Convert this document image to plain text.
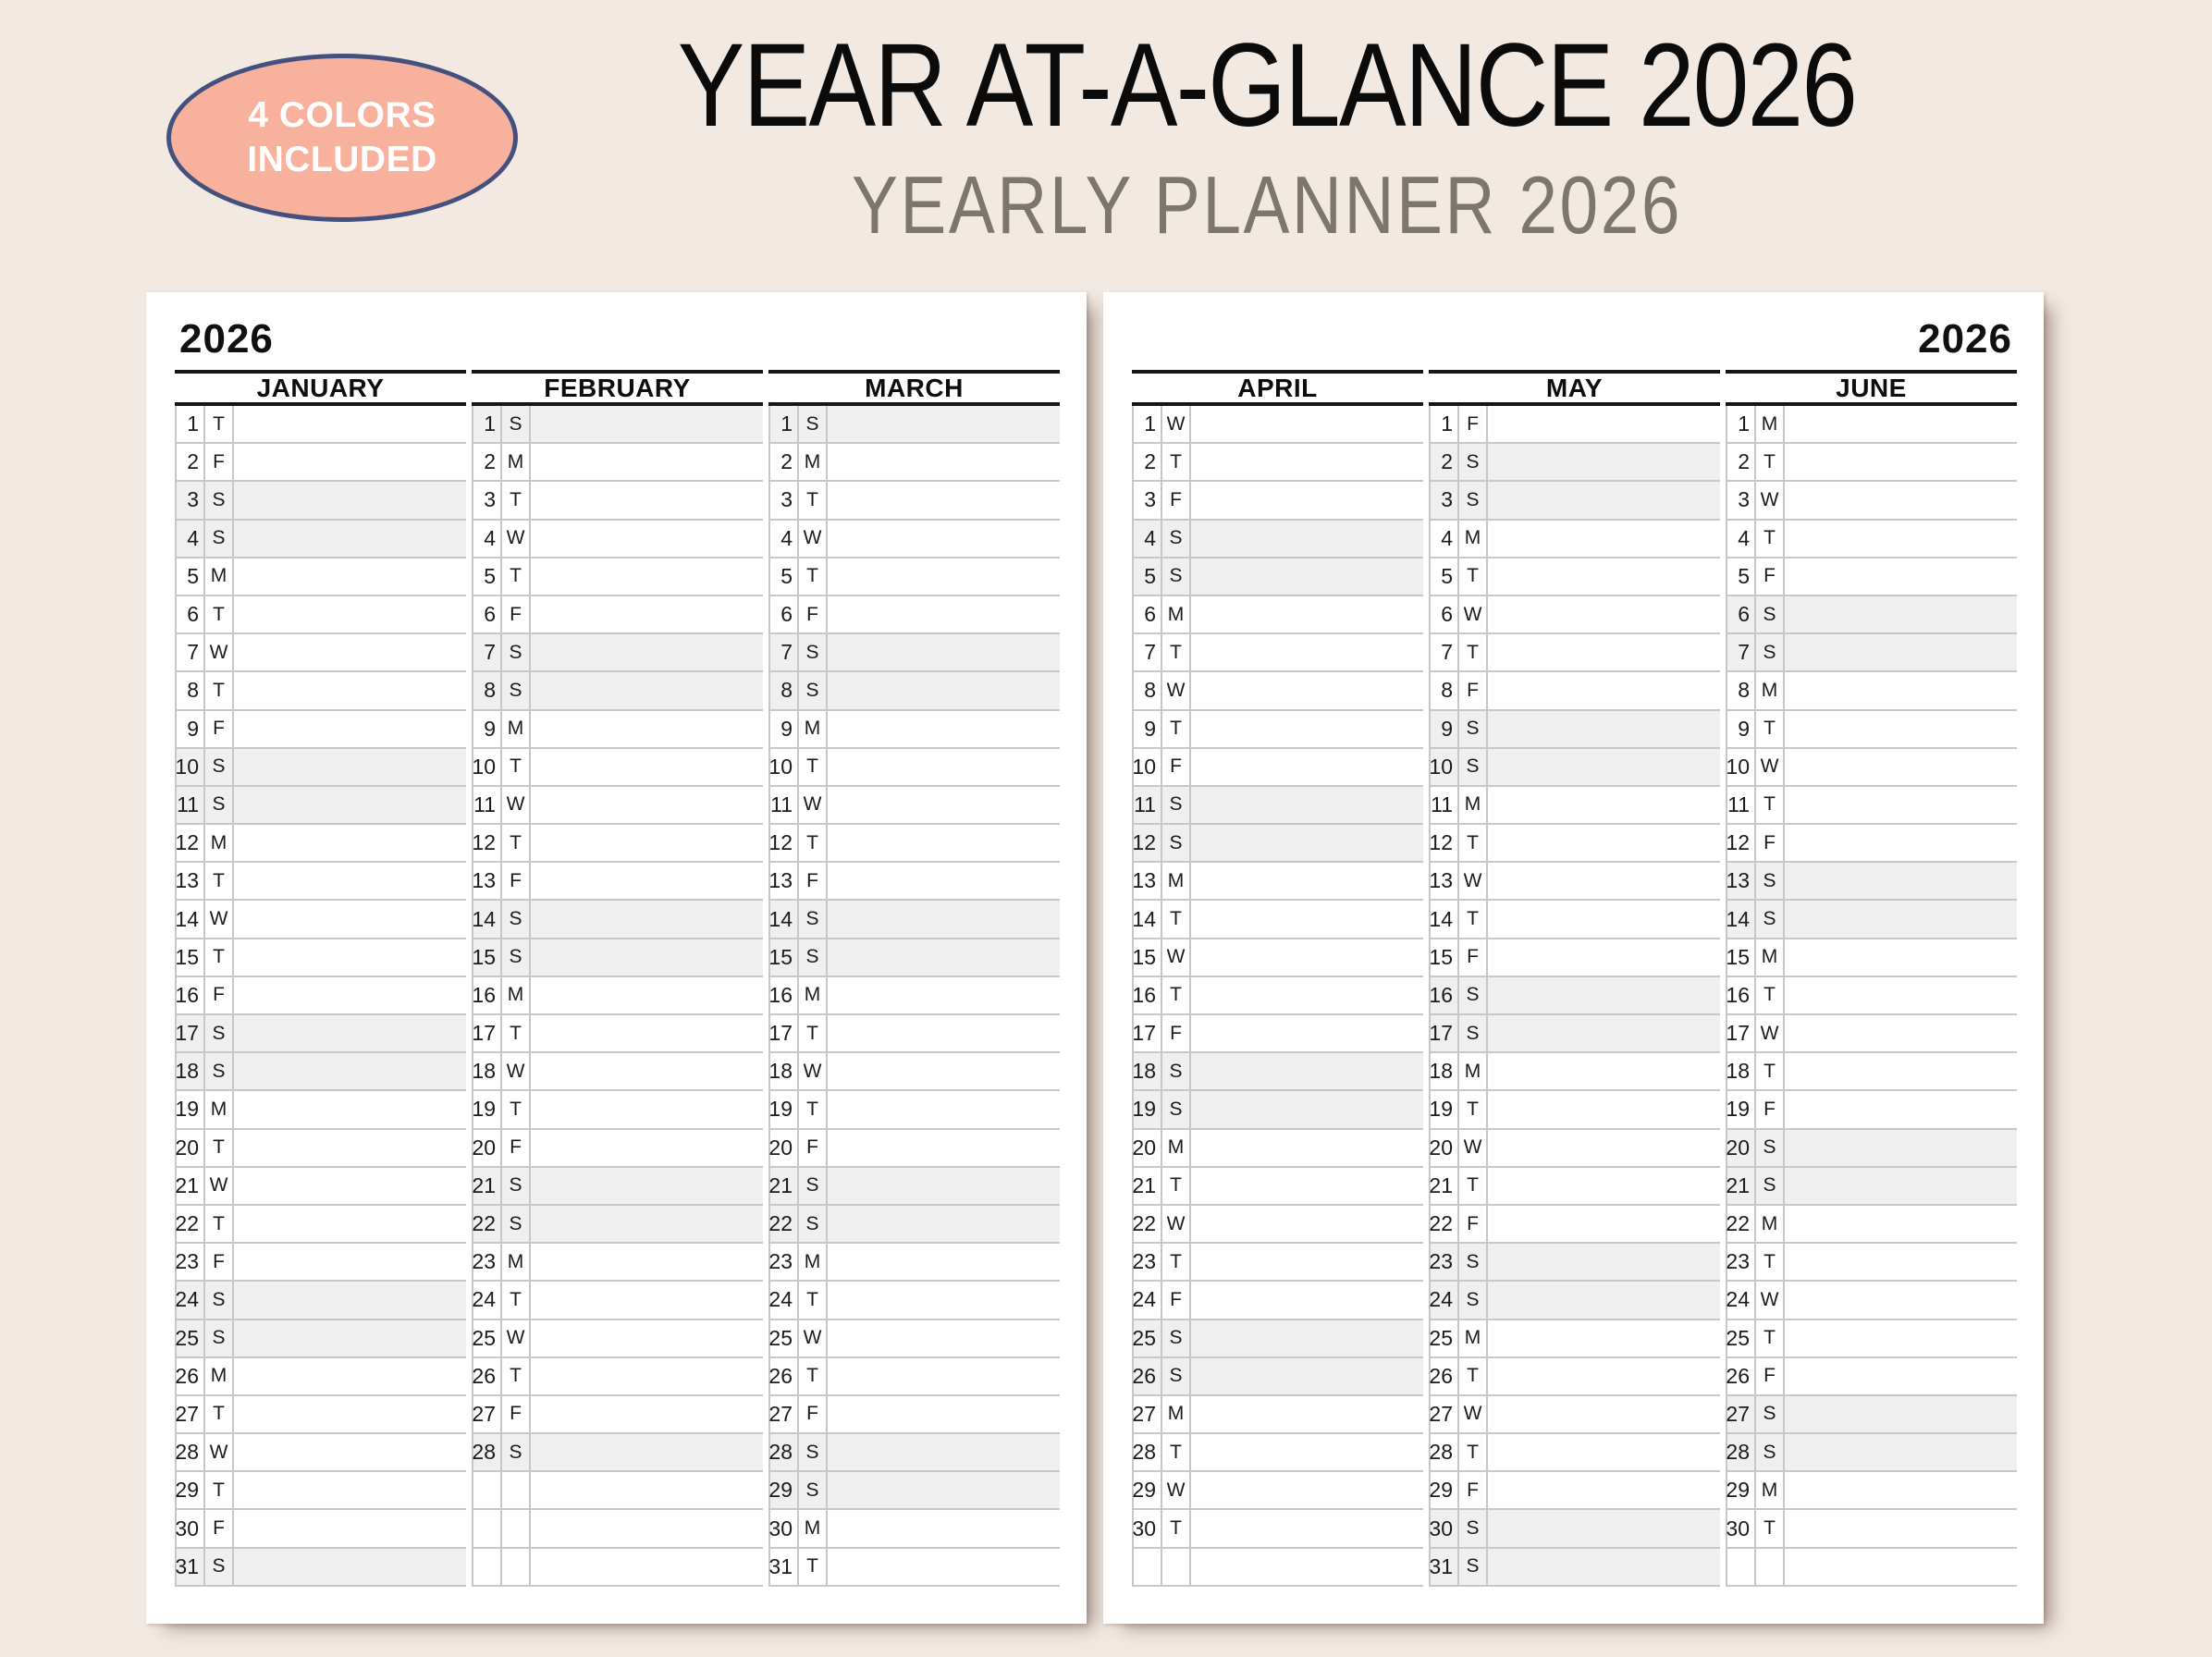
4 COLORS
INCLUDED
YEAR AT-A-GLANCE 2026
YEARLY PLANNER 2026
2026
JANUARY
1 T
2 F
3 S
4 S
5 M
6 T
7 W
8 T
9 F
10 S
11 S
12 M
13 T
14 W
15 T
16 F
17 S
18 S
19 M
20 T
21 W
22 T
23 F
24 S
25 S
26 M
27 T
28 W
29 T
30 F
31 S
FEBRUARY
1 S
2 M
3 T
4 W
5 T
6 F
7 S
8 S
9 M
10 T
11 W
12 T
13 F
14 S
15 S
16 M
17 T
18 W
19 T
20 F
21 S
22 S
23 M
24 T
25 W
26 T
27 F
28 S
MARCH
1 S
2 M
3 T
4 W
5 T
6 F
7 S
8 S
9 M
10 T
11 W
12 T
13 F
14 S
15 S
16 M
17 T
18 W
19 T
20 F
21 S
22 S
23 M
24 T
25 W
26 T
27 F
28 S
29 S
30 M
31 T
2026
APRIL
1 W
2 T
3 F
4 S
5 S
6 M
7 T
8 W
9 T
10 F
11 S
12 S
13 M
14 T
15 W
16 T
17 F
18 S
19 S
20 M
21 T
22 W
23 T
24 F
25 S
26 S
27 M
28 T
29 W
30 T
MAY
1 F
2 S
3 S
4 M
5 T
6 W
7 T
8 F
9 S
10 S
11 M
12 T
13 W
14 T
15 F
16 S
17 S
18 M
19 T
20 W
21 T
22 F
23 S
24 S
25 M
26 T
27 W
28 T
29 F
30 S
31 S
JUNE
1 M
2 T
3 W
4 T
5 F
6 S
7 S
8 M
9 T
10 W
11 T
12 F
13 S
14 S
15 M
16 T
17 W
18 T
19 F
20 S
21 S
22 M
23 T
24 W
25 T
26 F
27 S
28 S
29 M
30 T
